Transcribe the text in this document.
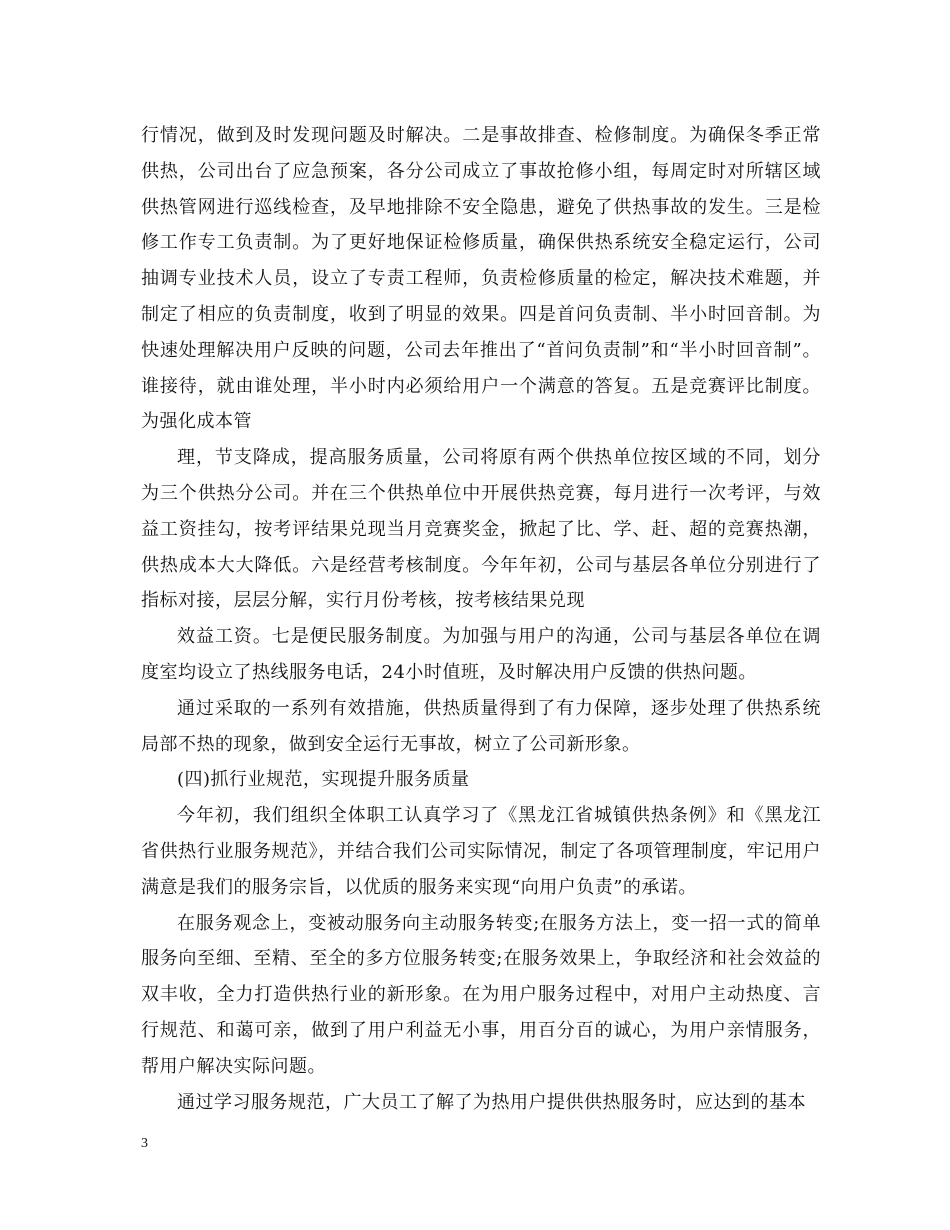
行情况，做到及时发现问题及时解决。二是事故排查、检修制度。为确保冬季正常供热，公司出台了应急预案，各分公司成立了事故抢修小组，每周定时对所辖区域供热管网进行巡线检查，及早地排除不安全隐患，避免了供热事故的发生。三是检修工作专工负责制。为了更好地保证检修质量，确保供热系统安全稳定运行，公司抽调专业技术人员，设立了专责工程师，负责检修质量的检定，解决技术难题，并制定了相应的负责制度，收到了明显的效果。四是首问负责制、半小时回音制。为快速处理解决用户反映的问题，公司去年推出了“首问负责制”和“半小时回音制”。谁接待，就由谁处理，半小时内必须给用户一个满意的答复。五是竞赛评比制度。为强化成本管

理，节支降成，提高服务质量，公司将原有两个供热单位按区域的不同，划分为三个供热分公司。并在三个供热单位中开展供热竞赛，每月进行一次考评，与效益工资挂勾，按考评结果兑现当月竞赛奖金，掀起了比、学、赶、超的竞赛热潮，供热成本大大降低。六是经营考核制度。今年年初，公司与基层各单位分别进行了指标对接，层层分解，实行月份考核，按考核结果兑现

效益工资。七是便民服务制度。为加强与用户的沟通，公司与基层各单位在调度室均设立了热线服务电话，24小时值班，及时解决用户反馈的供热问题。

通过采取的一系列有效措施，供热质量得到了有力保障，逐步处理了供热系统局部不热的现象，做到安全运行无事故，树立了公司新形象。

(四)抓行业规范，实现提升服务质量

今年初，我们组织全体职工认真学习了《黑龙江省城镇供热条例》和《黑龙江省供热行业服务规范》，并结合我们公司实际情况，制定了各项管理制度，牢记用户满意是我们的服务宗旨，以优质的服务来实现“向用户负责”的承诺。

在服务观念上，变被动服务向主动服务转变;在服务方法上，变一招一式的简单服务向至细、至精、至全的多方位服务转变;在服务效果上，争取经济和社会效益的双丰收，全力打造供热行业的新形象。在为用户服务过程中，对用户主动热度、言行规范、和蔼可亲，做到了用户利益无小事，用百分百的诚心，为用户亲情服务，帮用户解决实际问题。

通过学习服务规范，广大员工了解了为热用户提供供热服务时，应达到的基本

3
